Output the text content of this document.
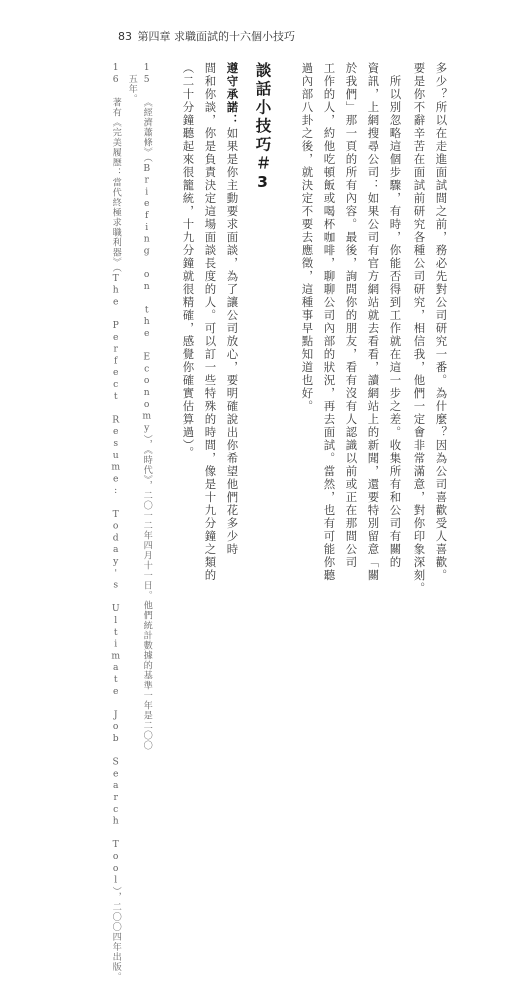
83 第四章 求職面試的十六個小技巧
多少？所以在走進面試間之前，務必先對公司研究一番。為什麼？因為公司喜歡受人喜歡。
要是你不辭辛苦在面試前研究各種公司研究，相信我，他們一定會非常滿意，對你印象深刻。
所以別忽略這個步驟，有時，你能否得到工作就在這一步之差。收集所有和公司有關的
資訊，上網搜尋公司：如果公司有官方網站就去看看，讀網站上的新聞，還要特別留意「關
於我們」那一頁的所有內容。最後，詢問你的朋友，看有沒有人認識以前或正在那間公司
工作的人，約他吃頓飯或喝杯咖啡，聊聊公司內部的狀況，再去面試。當然，也有可能你聽
過內部八卦之後，就決定不要去應徵，這種事早點知道也好。
談話小技巧＃3
遵守承諾：如果是你主動要求面談，為了讓公司放心，要明確說出你希望他們花多少時
間和你談，你是負責決定這場面談長度的人。可以訂一些特殊的時間，像是十九分鐘之類的
（二十分鐘聽起來很籠統，十九分鐘就很精確，感覺你確實估算過）。
15 《經濟蕭條》（Briefing on the Economy），《時代》，二〇一二年四月十一日。他們統計數據的基準一年是二〇〇
五年。
16 著有《完美履歷：當代終極求職利器》（The Perfect Resume: Today's Ultimate Job Search Tool），二〇〇四年出版。
